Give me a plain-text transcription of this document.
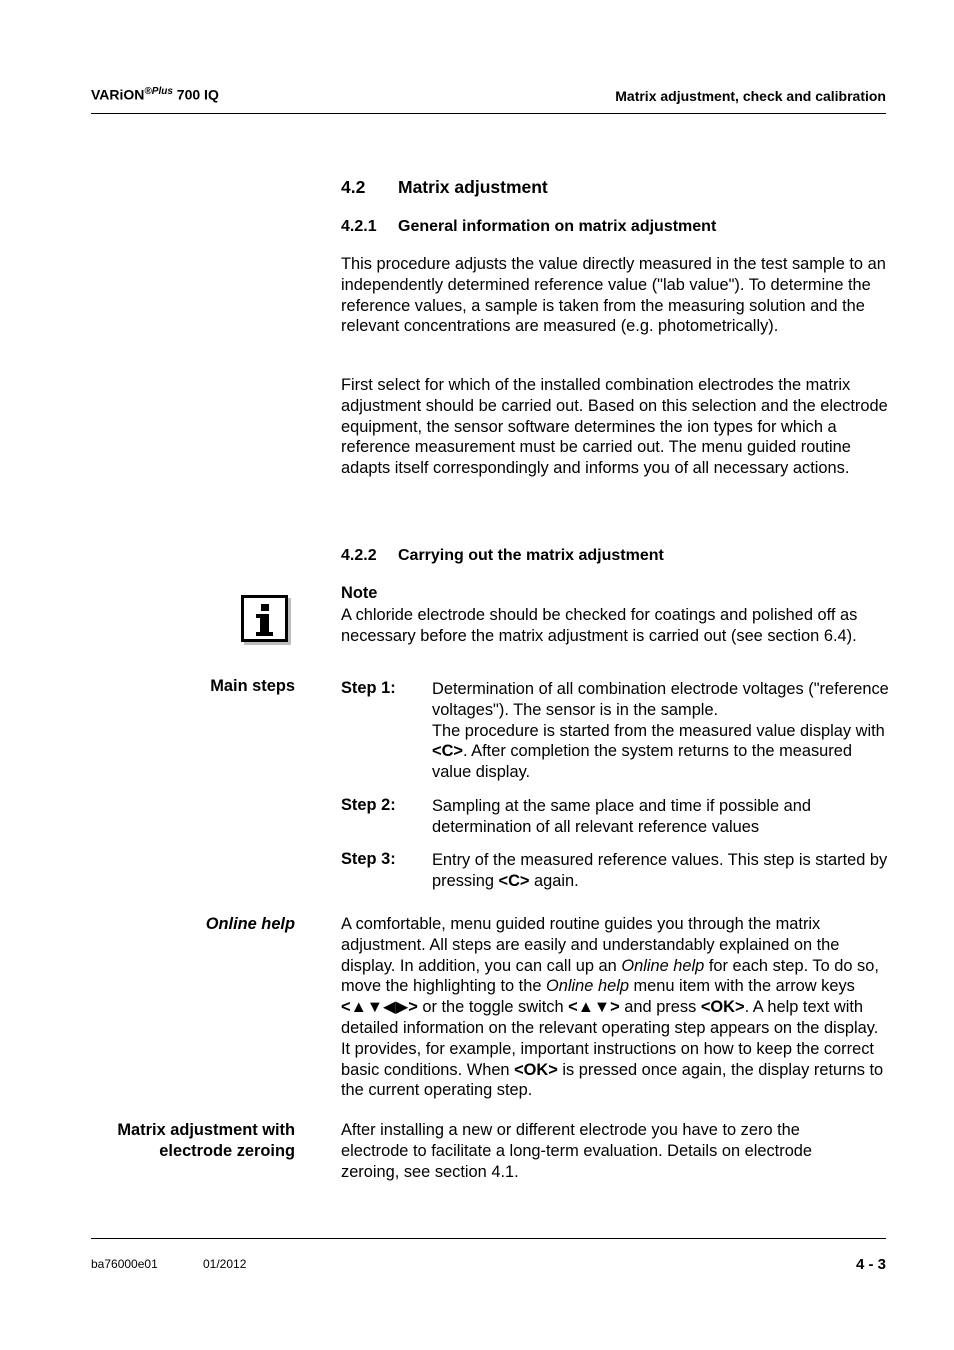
VARiON$^{®Plus}$ 700 IQ	Matrix adjustment, check and calibration
4.2 Matrix adjustment
4.2.1 General information on matrix adjustment
This procedure adjusts the value directly measured in the test sample to an independently determined reference value ("lab value"). To determine the reference values, a sample is taken from the measuring solution and the relevant concentrations are measured (e.g. photometrically).
First select for which of the installed combination electrodes the matrix adjustment should be carried out. Based on this selection and the electrode equipment, the sensor software determines the ion types for which a reference measurement must be carried out. The menu guided routine adapts itself correspondingly and informs you of all necessary actions.
4.2.2 Carrying out the matrix adjustment
Note
A chloride electrode should be checked for coatings and polished off as necessary before the matrix adjustment is carried out (see section 6.4).
Main steps	Step 1: Determination of all combination electrode voltages ("reference voltages"). The sensor is in the sample.
The procedure is started from the measured value display with <C>. After completion the system returns to the measured value display.
Step 2: Sampling at the same place and time if possible and determination of all relevant reference values
Step 3: Entry of the measured reference values. This step is started by pressing <C> again.
Online help	A comfortable, menu guided routine guides you through the matrix adjustment. All steps are easily and understandably explained on the display. In addition, you can call up an Online help for each step. To do so, move the highlighting to the Online help menu item with the arrow keys <▲▼◀▶> or the toggle switch <▲▼> and press <OK>. A help text with detailed information on the relevant operating step appears on the display. It provides, for example, important instructions on how to keep the correct basic conditions. When <OK> is pressed once again, the display returns to the current operating step.
Matrix adjustment with
electrode zeroing
After installing a new or different electrode you have to zero the electrode to facilitate a long-term evaluation. Details on electrode zeroing, see section 4.1.
ba76000e01	01/2012	4 - 3
